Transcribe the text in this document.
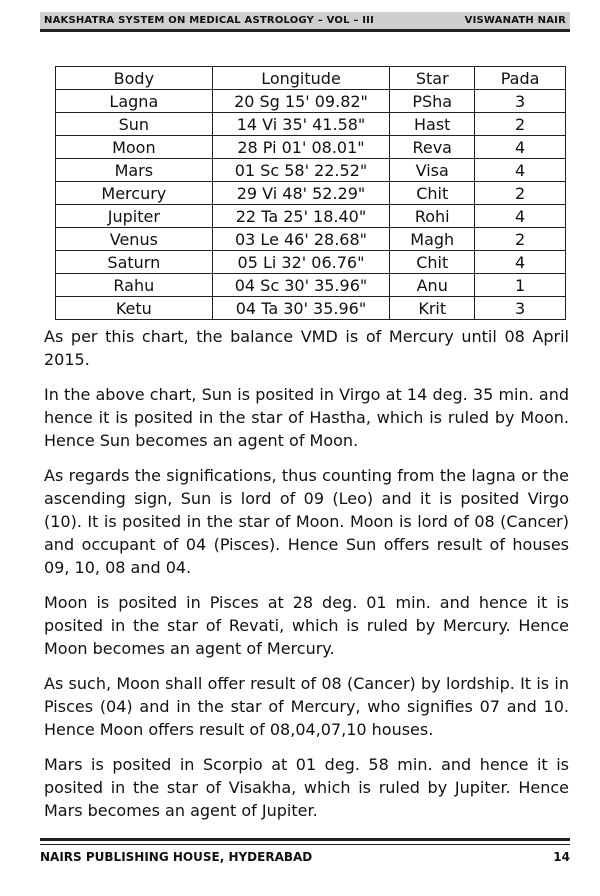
NAKSHATRA SYSTEM ON MEDICAL ASTROLOGY – VOL – III	VISWANATH NAIR
Body	Longitude	Star	Pada
Lagna	20 Sg 15' 09.82"	PSha	3
Sun	14 Vi 35' 41.58"	Hast	2
Moon	28 Pi 01' 08.01"	Reva	4
Mars	01 Sc 58' 22.52"	Visa	4
Mercury	29 Vi 48' 52.29"	Chit	2
Jupiter	22 Ta 25' 18.40"	Rohi	4
Venus	03 Le 46' 28.68"	Magh	2
Saturn	05 Li 32' 06.76"	Chit	4
Rahu	04 Sc 30' 35.96"	Anu	1
Ketu	04 Ta 30' 35.96"	Krit	3

As per this chart, the balance VMD is of Mercury until 08 April 2015.

In the above chart, Sun is posited in Virgo at 14 deg. 35 min. and hence it is posited in the star of Hastha, which is ruled by Moon. Hence Sun becomes an agent of Moon.

As regards the significations, thus counting from the lagna or the ascending sign, Sun is lord of 09 (Leo) and it is posited Virgo (10). It is posited in the star of Moon. Moon is lord of 08 (Cancer) and occupant of 04 (Pisces). Hence Sun offers result of houses 09, 10, 08 and 04.

Moon is posited in Pisces at 28 deg. 01 min. and hence it is posited in the star of Revati, which is ruled by Mercury. Hence Moon becomes an agent of Mercury.

As such, Moon shall offer result of 08 (Cancer) by lordship. It is in Pisces (04) and in the star of Mercury, who signifies 07 and 10. Hence Moon offers result of 08,04,07,10 houses.

Mars is posited in Scorpio at 01 deg. 58 min. and hence it is posited in the star of Visakha, which is ruled by Jupiter. Hence Mars becomes an agent of Jupiter.

NAIRS PUBLISHING HOUSE, HYDERABAD	14
